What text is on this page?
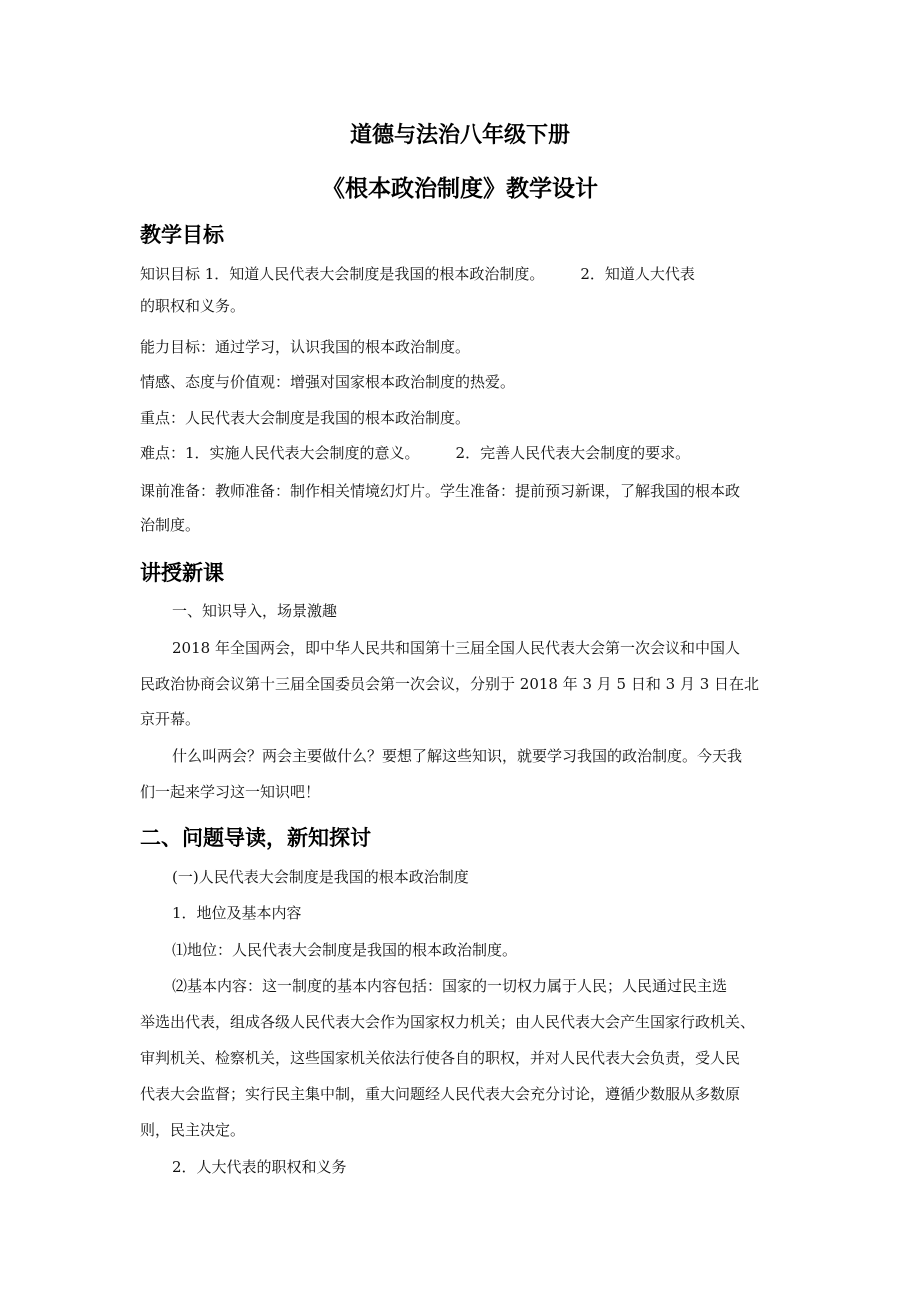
道德与法治八年级下册
《根本政治制度》教学设计
教学目标

知识目标 1．知道人民代表大会制度是我国的根本政治制度。 2．知道人大代表

的职权和义务。

能力目标：通过学习，认识我国的根本政治制度。

情感、态度与价值观：增强对国家根本政治制度的热爱。

重点：人民代表大会制度是我国的根本政治制度。

难点：1．实施人民代表大会制度的意义。 2．完善人民代表大会制度的要求。

课前准备：教师准备：制作相关情境幻灯片。学生准备：提前预习新课，了解我国的根本政

治制度。

讲授新课

一、知识导入，场景激趣

2018 年全国两会，即中华人民共和国第十三届全国人民代表大会第一次会议和中国人

民政治协商会议第十三届全国委员会第一次会议，分别于 2018 年 3 月 5 日和 3 月 3 日在北

京开幕。

什么叫两会？两会主要做什么？要想了解这些知识，就要学习我国的政治制度。今天我

们一起来学习这一知识吧！

二、问题导读，新知探讨

(一)人民代表大会制度是我国的根本政治制度

1．地位及基本内容

⑴地位：人民代表大会制度是我国的根本政治制度。

⑵基本内容：这一制度的基本内容包括：国家的一切权力属于人民；人民通过民主选

举选出代表，组成各级人民代表大会作为国家权力机关；由人民代表大会产生国家行政机关、

审判机关、检察机关，这些国家机关依法行使各自的职权，并对人民代表大会负责，受人民

代表大会监督；实行民主集中制，重大问题经人民代表大会充分讨论，遵循少数服从多数原

则，民主决定。

2．人大代表的职权和义务
